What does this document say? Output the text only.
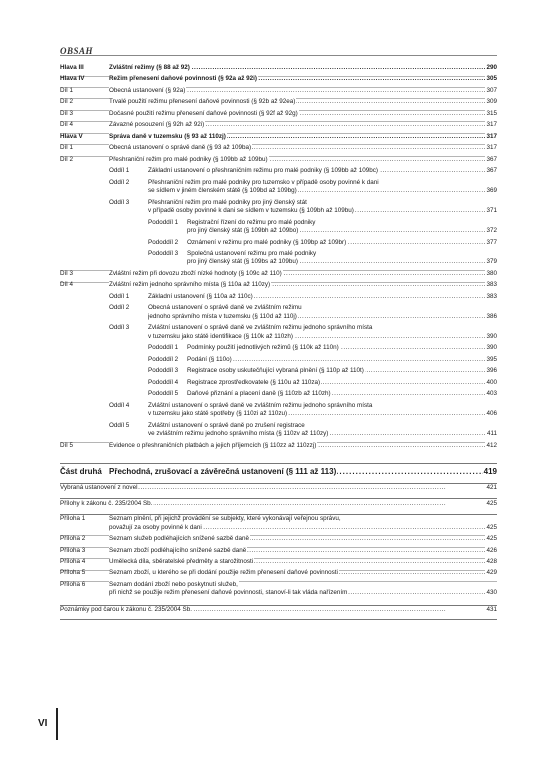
OBSAH
Hlava III	Zvláštní režimy (§ 88 až 92)	290
. . .
Hlava IV	Režim přenesení daňové povinnosti (§ 92a až 92i)	305
. . .
Díl 1	Obecná ustanovení (§ 92a)	307
. . .
Díl 2	Trvalé použití režimu přenesení daňové povinnosti (§ 92b až 92ea)	309
. . .
Díl 3	Dočasné použití režimu přenesení daňové povinnosti (§ 92f až 92g)	315
. . .
Díl 4	Závazné posouzení (§ 92h až 92i)	317
. . .
Hlava V	Správa daně v tuzemsku (§ 93 až 110zj)	317
. . .
Díl 1	Obecná ustanovení o správě daně (§ 93 až 109ba)	317
. . .
Díl 2	Přeshraniční režim pro malé podniky (§ 109bb až 109bu)	367
. . .
Oddíl 1	Základní ustanovení o přeshraničním režimu pro malé podniky (§ 109bb až 109bc)	367
. . .
Oddíl 2	Přeshraniční režim pro malé podniky pro tuzemsko v případě osoby povinné k dani
se sídlem v jiném členském státě (§ 109bd až 109bg)	369
. . .
Oddíl 3	Přeshraniční režim pro malé podniky pro jiný členský stát
v případě osoby povinné k dani se sídlem v tuzemsku (§ 109bh až 109bu)	371
. . .
Pododdíl 1 Registrační řízení do režimu pro malé podniky
pro jiný členský stát (§ 109bh až 109bo)	372
. . .
Pododdíl 2 Oznámení v režimu pro malé podniky (§ 109bp až 109br)	377
. . .
Pododdíl 3 Společná ustanovení režimu pro malé podniky
pro jiný členský stát (§ 109bs až 109bu)	379
. . .
Díl 3	Zvláštní režim při dovozu zboží nízké hodnoty (§ 109c až 110)	380
. . .
Díl 4	Zvláštní režim jednoho správního místa (§ 110a až 110zy)	383
. . .
Oddíl 1	Základní ustanovení (§ 110a až 110c)	383
. . .
Oddíl 2	Obecná ustanovení o správě daně ve zvláštním režimu
jednoho správního místa v tuzemsku (§ 110d až 110j)	386
. . .
Oddíl 3	Zvláštní ustanovení o správě daně ve zvláštním režimu jednoho správního místa
v tuzemsku jako státě identifikace (§ 110k až 110zh)	390
. . .
Pododdíl 1 Podmínky použití jednotlivých režimů (§ 110k až 110n)	390
. . .
Pododdíl 2 Podání (§ 110o)	395
. . .
Pododdíl 3 Registrace osoby uskutečňující vybraná plnění (§ 110p až 110t)	396
. . .
Pododdíl 4 Registrace zprostředkovatele (§ 110u až 110za)	400
. . .
Pododdíl 5 Daňové přiznání a placení daně (§ 110zb až 110zh)	403
. . .
Oddíl 4	Zvláštní ustanovení o správě daně ve zvláštním režimu jednoho správního místa
v tuzemsku jako státě spotřeby (§ 110zi až 110zu)	406
. . .
Oddíl 5	Zvláštní ustanovení o správě daně po zrušení registrace
ve zvláštním režimu jednoho správního místa (§ 110zv až 110zy)	411
. . .
Díl 5	Evidence o přeshraničních platbách a jejich příjemcích (§ 110zz až 110zzj)	412
. . .
Část druhá Přechodná, zrušovací a závěrečná ustanovení (§ 111 až 113)	419
. . .
Vybraná ustanovení z novel	421
. . .
Přílohy k zákonu č. 235/2004 Sb.	425
. . .
Příloha 1	Seznam plnění, při jejichž provádění se subjekty, které vykonávají veřejnou správu,
považují za osoby povinné k dani	425
. . .
Příloha 2	Seznam služeb podléhajících snížené sazbě daně	425
. . .
Příloha 3	Seznam zboží podléhajícího snížené sazbě daně	426
. . .
Příloha 4	Umělecká díla, sběratelské předměty a starožitnosti	428
. . .
Příloha 5	Seznam zboží, u kterého se při dodání použije režim přenesení daňové povinnosti	429
. . .
Příloha 6	Seznam dodání zboží nebo poskytnutí služeb,
při nichž se použije režim přenesení daňové povinnosti, stanoví-li tak vláda nařízením	430
. . .
Poznámky pod čarou k zákonu č. 235/2004 Sb.	431
. . .
VI
